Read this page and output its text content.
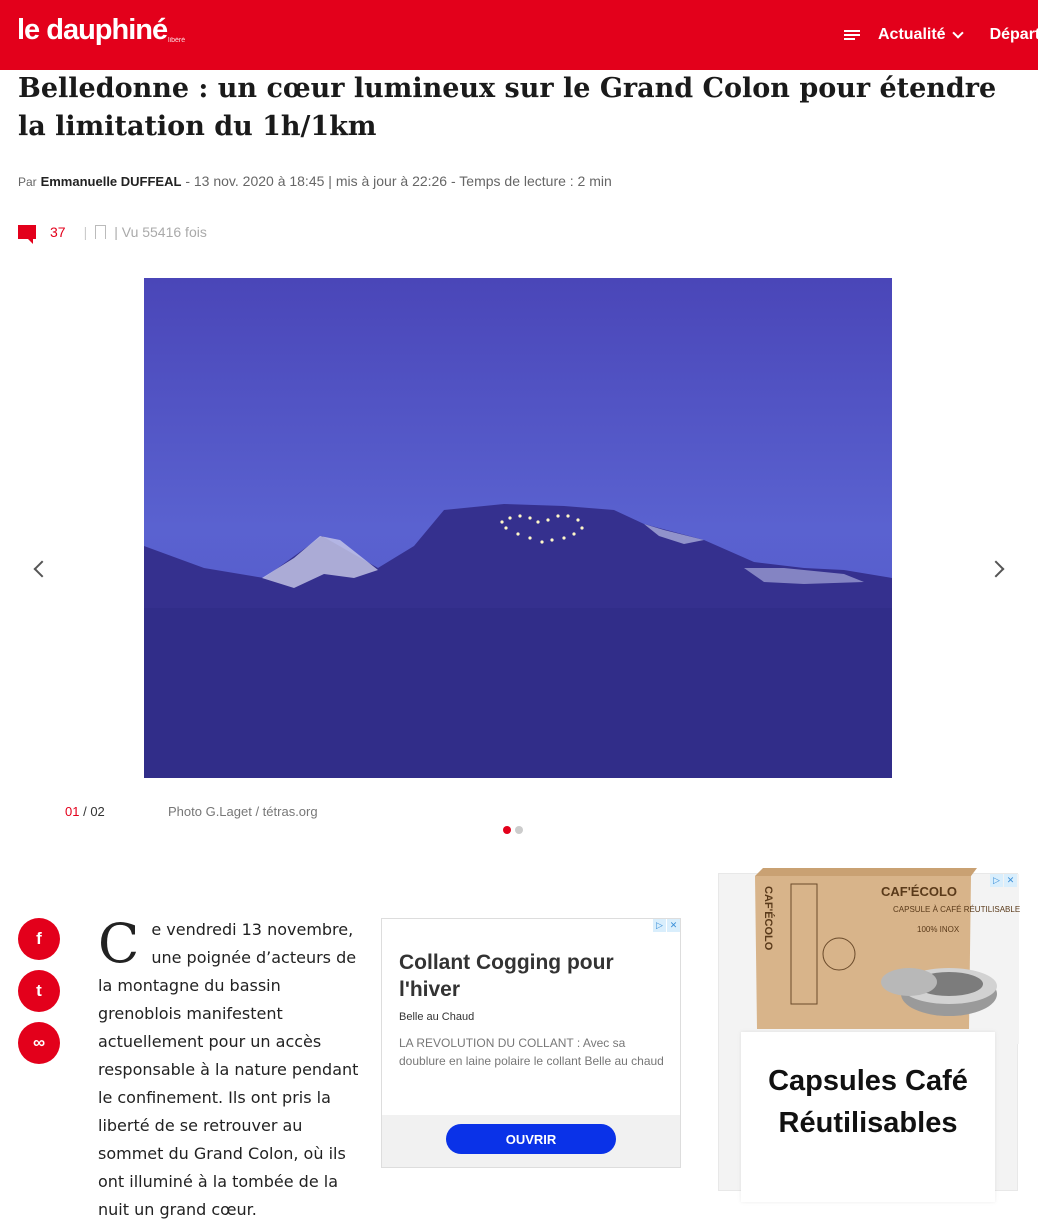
le dauphiné libéré	Actualité	Départe
Belledonne : un cœur lumineux sur le Grand Colon pour étendre la limitation du 1h/1km
Par Emmanuelle DUFFEAL - 13 nov. 2020 à 18:45 | mis à jour à 22:26 - Temps de lecture : 2 min
37 | | Vu 55416 fois
01 / 02	Photo G.Laget / tétras.org
f
t
∞
C e vendredi 13 novembre, une poignée d’acteurs de la montagne du bassin grenoblois manifestent actuellement pour un accès responsable à la nature pendant le confinement. Ils ont pris la liberté de se retrouver au sommet du Grand Colon, où ils ont illuminé à la tombée de la nuit un grand cœur.
▷ ✕
Collant Cogging pour l'hiver
Belle au Chaud
LA REVOLUTION DU COLLANT : Avec sa doublure en laine polaire le collant Belle au chaud
OUVRIR
CAF'ÉCOLO	CAF'ÉCOLO
CAPSULE À CAFÉ RÉUTILISABLE
100% INOX
▷ ✕
Capsules Café Réutilisables
